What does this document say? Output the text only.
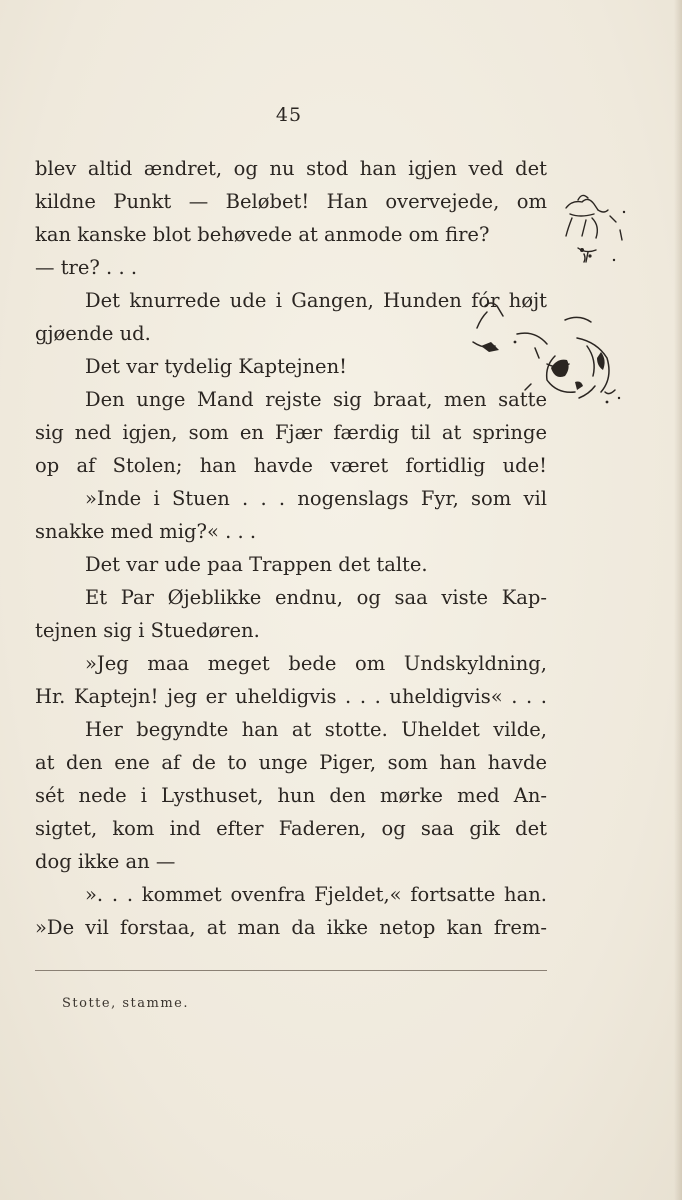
45
blev altid ændret, og nu stod han igjen ved det
kildne Punkt — Beløbet! Han overvejede, om
kan kanske blot behøvede at anmode om fire?
— tre? . . .
Det knurrede ude i Gangen, Hunden fór højt
gjøende ud.
Det var tydelig Kaptejnen!
Den unge Mand rejste sig braat, men satte
sig ned igjen, som en Fjær færdig til at springe
op af Stolen; han havde været fortidlig ude!
»Inde i Stuen . . . nogenslags Fyr, som vil
snakke med mig?« . . .
Det var ude paa Trappen det talte.
Et Par Øjeblikke endnu, og saa viste Kap-
tejnen sig i Stuedøren.
»Jeg maa meget bede om Undskyldning,
Hr. Kaptejn! jeg er uheldigvis . . . uheldigvis« . . .
Her begyndte han at stotte. Uheldet vilde,
at den ene af de to unge Piger, som han havde
sét nede i Lysthuset, hun den mørke med An-
sigtet, kom ind efter Faderen, og saa gik det
dog ikke an —
». . . kommet ovenfra Fjeldet,« fortsatte han.
»De vil forstaa, at man da ikke netop kan frem-
Stotte, stamme.
